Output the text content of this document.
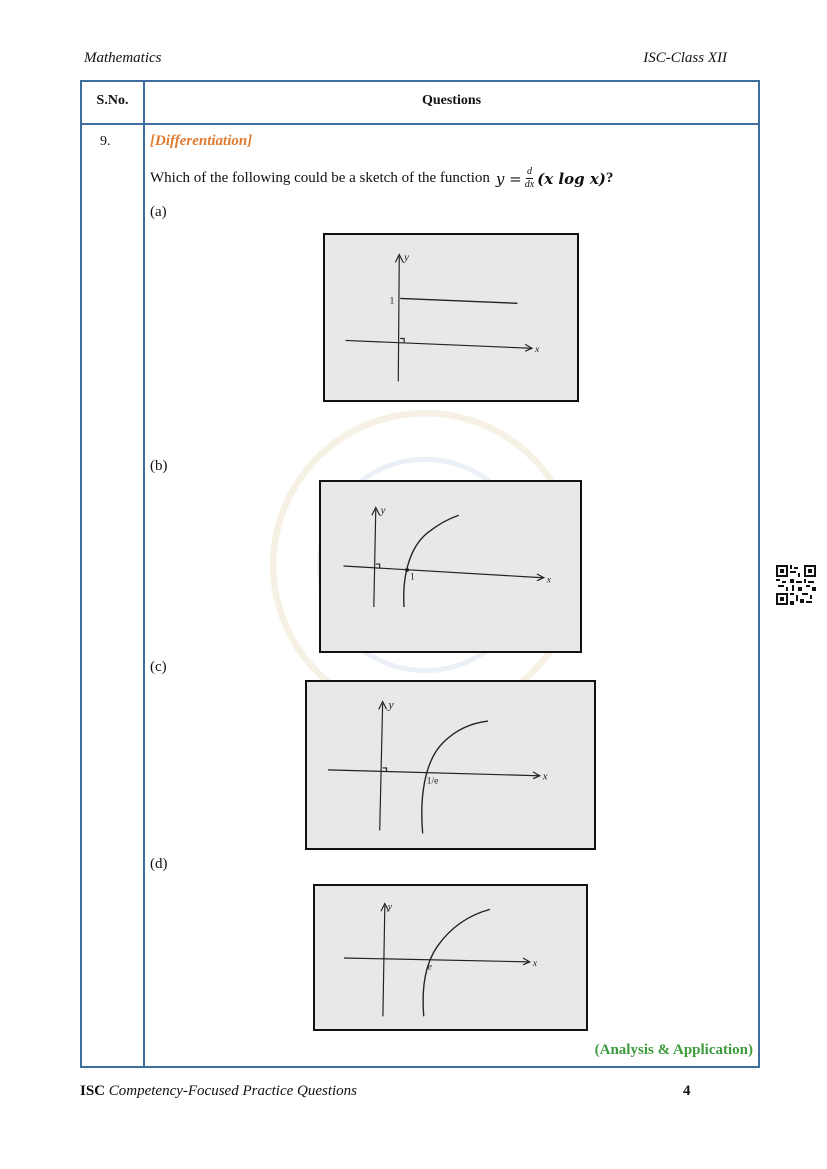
Mathematics	ISC-Class XII
S.No.	Questions
9.	[Differentiation]
Which of the following could be a sketch of the function $y = \frac{d}{dx} (x$ log x) ?
(a)
y
x
1
(b)
y
x
1
(c)
y
x
1/e
(d)
y
x
e
(Analysis & Application)
ISC Competency-Focused Practice Questions	4
